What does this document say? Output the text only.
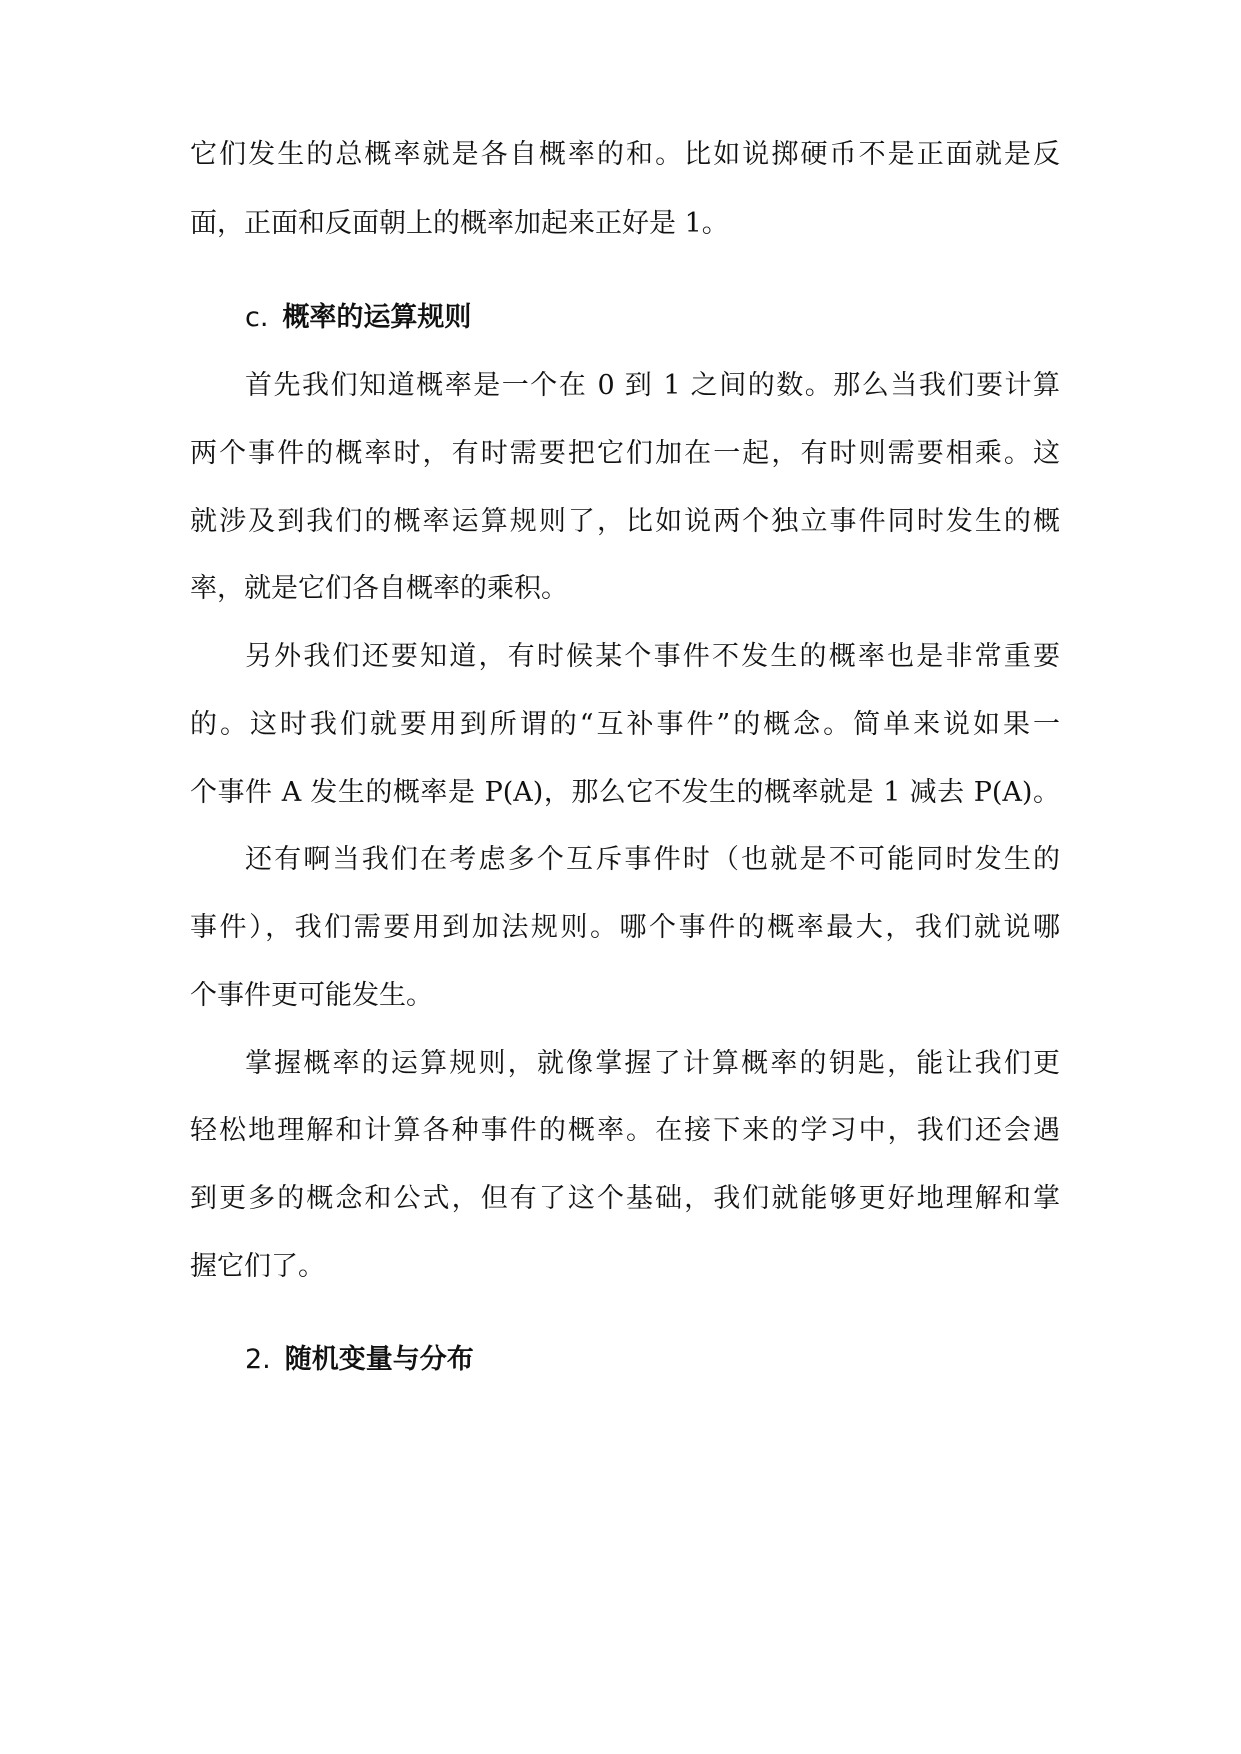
它们发生的总概率就是各自概率的和。比如说掷硬币不是正面就是反
面，正面和反面朝上的概率加起来正好是 1。
c. 概率的运算规则
首先我们知道概率是一个在 0 到 1 之间的数。那么当我们要计算
两个事件的概率时，有时需要把它们加在一起，有时则需要相乘。这
就涉及到我们的概率运算规则了，比如说两个独立事件同时发生的概
率，就是它们各自概率的乘积。
另外我们还要知道，有时候某个事件不发生的概率也是非常重要
的。这时我们就要用到所谓的“互补事件”的概念。简单来说如果一
个事件 A 发生的概率是 P(A)，那么它不发生的概率就是 1 减去 P(A)。
还有啊当我们在考虑多个互斥事件时（也就是不可能同时发生的
事件），我们需要用到加法规则。哪个事件的概率最大，我们就说哪
个事件更可能发生。
掌握概率的运算规则，就像掌握了计算概率的钥匙，能让我们更
轻松地理解和计算各种事件的概率。在接下来的学习中，我们还会遇
到更多的概念和公式，但有了这个基础，我们就能够更好地理解和掌
握它们了。
2. 随机变量与分布
